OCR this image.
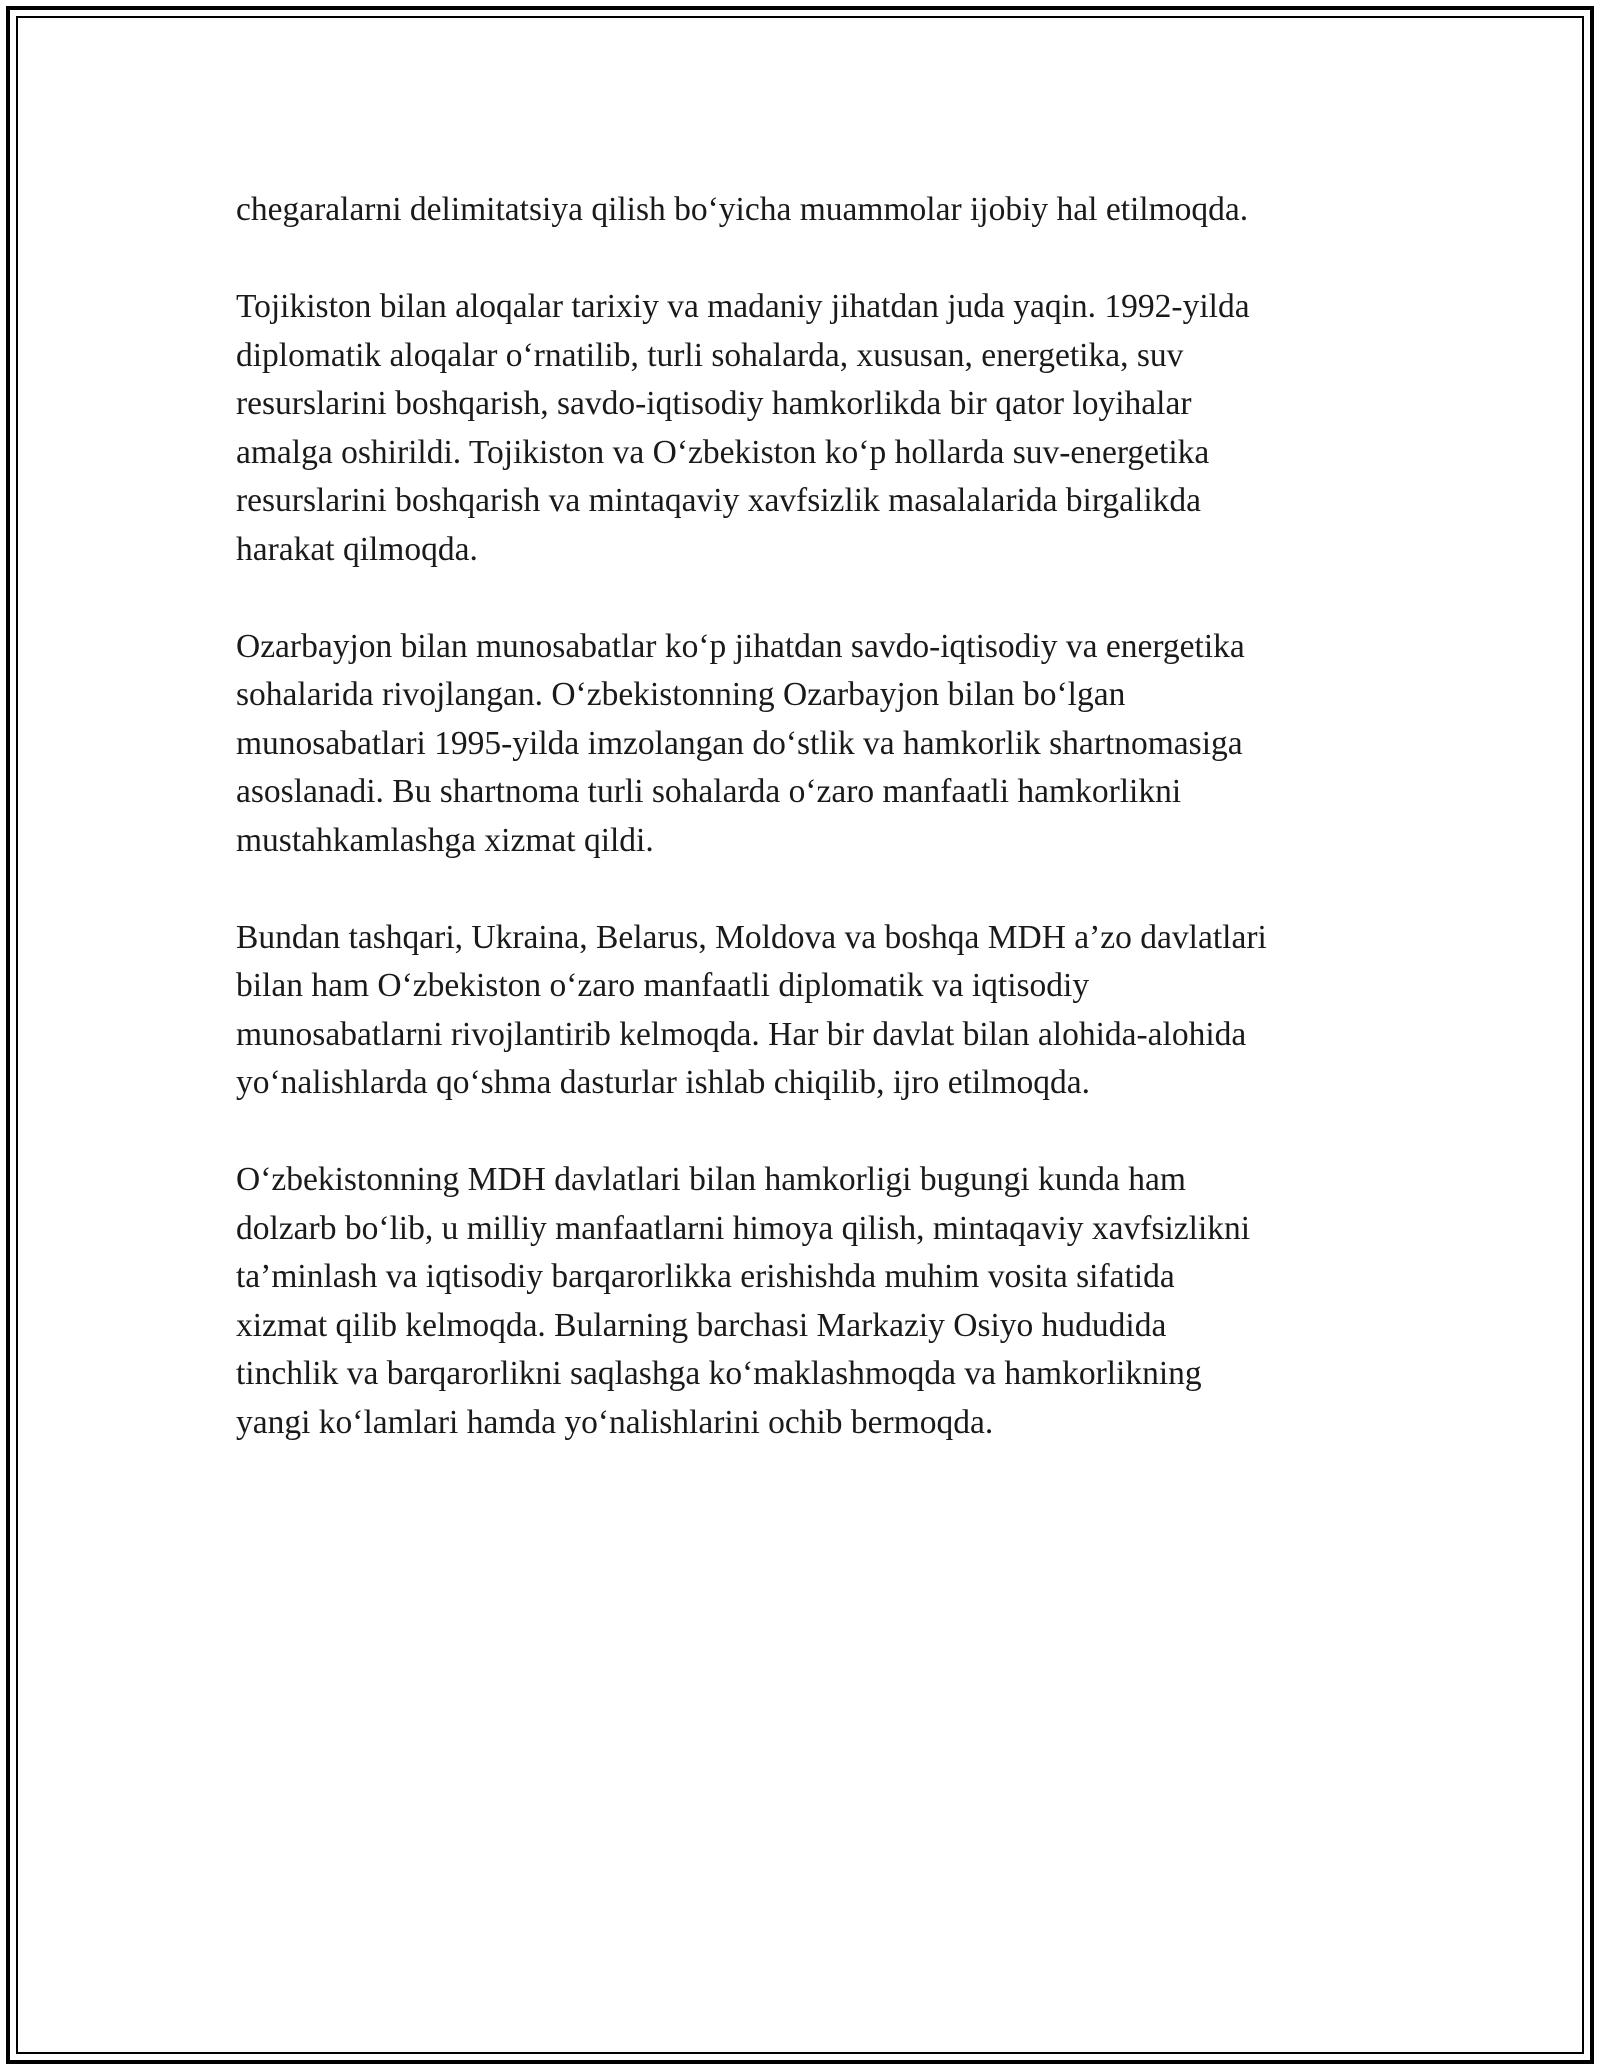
chegaralarni delimitatsiya qilish bo‘yicha muammolar ijobiy hal etilmoqda.

Tojikiston bilan aloqalar tarixiy va madaniy jihatdan juda yaqin. 1992-yilda
diplomatik aloqalar o‘rnatilib, turli sohalarda, xususan, energetika, suv
resurslarini boshqarish, savdo-iqtisodiy hamkorlikda bir qator loyihalar
amalga oshirildi. Tojikiston va O‘zbekiston ko‘p hollarda suv-energetika
resurslarini boshqarish va mintaqaviy xavfsizlik masalalarida birgalikda
harakat qilmoqda.

Ozarbayjon bilan munosabatlar ko‘p jihatdan savdo-iqtisodiy va energetika
sohalarida rivojlangan. O‘zbekistonning Ozarbayjon bilan bo‘lgan
munosabatlari 1995-yilda imzolangan do‘stlik va hamkorlik shartnomasiga
asoslanadi. Bu shartnoma turli sohalarda o‘zaro manfaatli hamkorlikni
mustahkamlashga xizmat qildi.

Bundan tashqari, Ukraina, Belarus, Moldova va boshqa MDH a’zo davlatlari
bilan ham O‘zbekiston o‘zaro manfaatli diplomatik va iqtisodiy
munosabatlarni rivojlantirib kelmoqda. Har bir davlat bilan alohida-alohida
yo‘nalishlarda qo‘shma dasturlar ishlab chiqilib, ijro etilmoqda.

O‘zbekistonning MDH davlatlari bilan hamkorligi bugungi kunda ham
dolzarb bo‘lib, u milliy manfaatlarni himoya qilish, mintaqaviy xavfsizlikni
ta’minlash va iqtisodiy barqarorlikka erishishda muhim vosita sifatida
xizmat qilib kelmoqda. Bularning barchasi Markaziy Osiyo hududida
tinchlik va barqarorlikni saqlashga ko‘maklashmoqda va hamkorlikning
yangi ko‘lamlari hamda yo‘nalishlarini ochib bermoqda.
